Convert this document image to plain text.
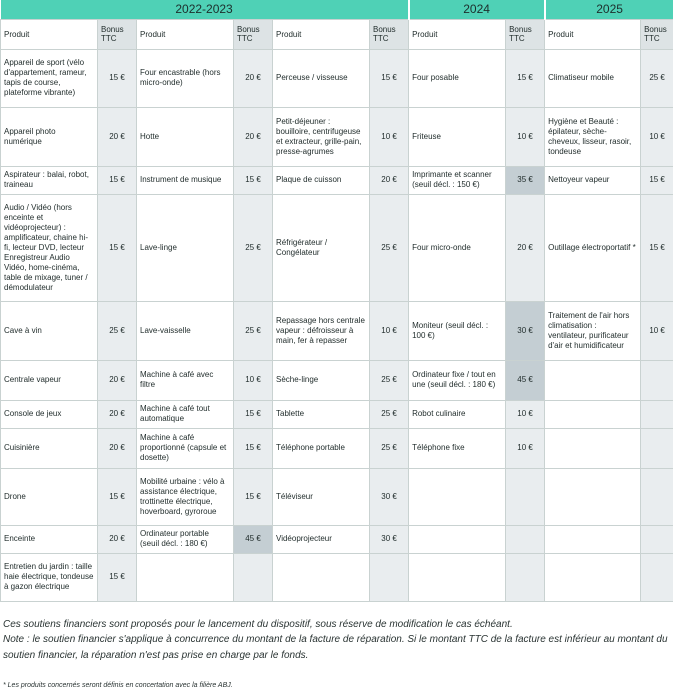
2022-2023						2024		2025	
Produit	Bonus TTC	Produit	Bonus TTC	Produit	Bonus TTC	Produit	Bonus TTC	Produit	Bonus TTC
Appareil de sport (vélo d'appartement, rameur, tapis de course, plateforme vibrante)	15 €	Four encastrable (hors micro-onde)	20 €	Perceuse / visseuse	15 €	Four posable	15 €	Climatiseur mobile	25 €
Appareil photo numérique	20 €	Hotte	20 €	Petit-déjeuner : bouilloire, centrifugeuse et extracteur, grille-pain, presse-agrumes	10 €	Friteuse	10 €	Hygiène et Beauté : épilateur, sèche-cheveux, lisseur, rasoir, tondeuse	10 €
Aspirateur : balai, robot, traineau	15 €	Instrument de musique	15 €	Plaque de cuisson	20 €	Imprimante et scanner (seuil décl. : 150 €)	35 €	Nettoyeur vapeur	15 €
Audio / Vidéo (hors enceinte et vidéoprojecteur) : amplificateur, chaine hi-fi, lecteur DVD, lecteur Enregistreur Audio Vidéo, home-cinéma, table de mixage, tuner / démodulateur	15 €	Lave-linge	25 €	Réfrigérateur / Congélateur	25 €	Four micro-onde	20 €	Outillage électroportatif *	15 €
Cave à vin	25 €	Lave-vaisselle	25 €	Repassage hors centrale vapeur : défroisseur à main, fer à repasser	10 €	Moniteur (seuil décl. : 100 €)	30 €	Traitement de l'air hors climatisation : ventilateur, purificateur d'air et humidificateur	10 €
Centrale vapeur	20 €	Machine à café avec filtre	10 €	Sèche-linge	25 €	Ordinateur fixe / tout en une (seuil décl. : 180 €)	45 €		
Console de jeux	20 €	Machine à café tout automatique	15 €	Tablette	25 €	Robot culinaire	10 €		
Cuisinière	20 €	Machine à café proportionné (capsule et dosette)	15 €	Téléphone portable	25 €	Téléphone fixe	10 €		
Drone	15 €	Mobilité urbaine : vélo à assistance électrique, trottinette électrique, hoverboard, gyroroue	15 €	Téléviseur	30 €				
Enceinte	20 €	Ordinateur portable (seuil décl. : 180 €)	45 €	Vidéoprojecteur	30 €				
Entretien du jardin : taille haie électrique, tondeuse à gazon électrique	15 €								

Ces soutiens financiers sont proposés pour le lancement du dispositif, sous réserve de modification le cas échéant.

Note : le soutien financier s'applique à concurrence du montant de la facture de réparation. Si le montant TTC de la facture est inférieur au montant du soutien financier, la réparation n'est pas prise en charge par le fonds.

* Les produits concernés seront définis en concertation avec la filière ABJ.
